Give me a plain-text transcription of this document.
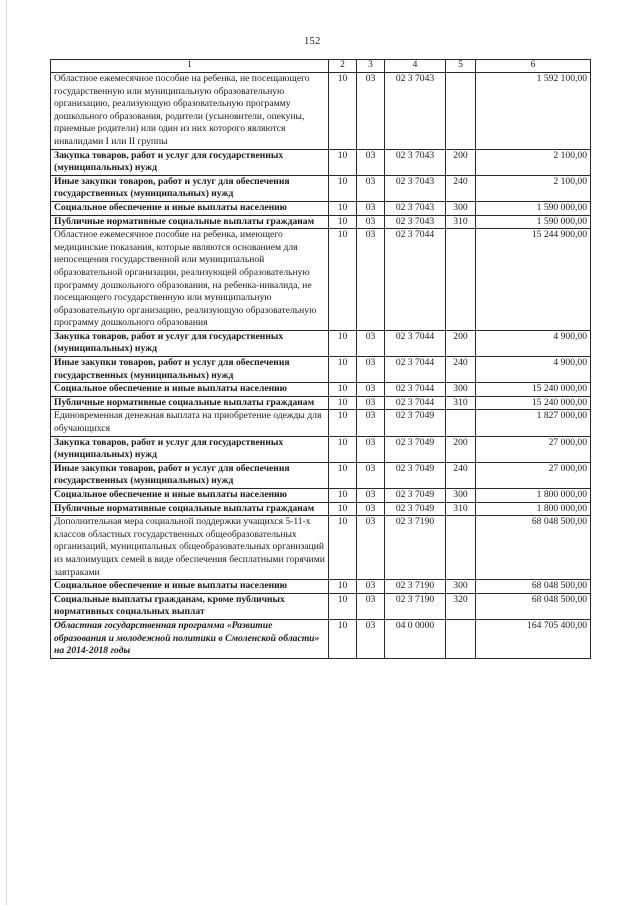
152
1	2	3	4	5	6
Областное ежемесячное пособие на ребенка, не посещающего государственную или муниципальную образовательную организацию, реализующую образовательную программу дошкольного образования, родители (усыновители, опекуны, приемные родители) или один из них которого являются инвалидами I или II группы	10	03	02 3 7043		1 592 100,00
Закупка товаров, работ и услуг для государственных (муниципальных) нужд	10	03	02 3 7043	200	2 100,00
Иные закупки товаров, работ и услуг для обеспечения государственных (муниципальных) нужд	10	03	02 3 7043	240	2 100,00
Социальное обеспечение и иные выплаты населению	10	03	02 3 7043	300	1 590 000,00
Публичные нормативные социальные выплаты гражданам	10	03	02 3 7043	310	1 590 000,00
Областное ежемесячное пособие на ребенка, имеющего медицинские показания, которые являются основанием для непосещения государственной или муниципальной образовательной организации, реализующей образовательную программу дошкольного образования, на ребенка-инвалида, не посещающего государственную или муниципальную образовательную организацию, реализующую образовательную программу дошкольного образования	10	03	02 3 7044		15 244 900,00
Закупка товаров, работ и услуг для государственных (муниципальных) нужд	10	03	02 3 7044	200	4 900,00
Иные закупки товаров, работ и услуг для обеспечения государственных (муниципальных) нужд	10	03	02 3 7044	240	4 900,00
Социальное обеспечение и иные выплаты населению	10	03	02 3 7044	300	15 240 000,00
Публичные нормативные социальные выплаты гражданам	10	03	02 3 7044	310	15 240 000,00
Единовременная денежная выплата на приобретение одежды для обучающихся	10	03	02 3 7049		1 827 000,00
Закупка товаров, работ и услуг для государственных (муниципальных) нужд	10	03	02 3 7049	200	27 000,00
Иные закупки товаров, работ и услуг для обеспечения государственных (муниципальных) нужд	10	03	02 3 7049	240	27 000,00
Социальное обеспечение и иные выплаты населению	10	03	02 3 7049	300	1 800 000,00
Публичные нормативные социальные выплаты гражданам	10	03	02 3 7049	310	1 800 000,00
Дополнительная мера социальной поддержки учащихся 5-11-х классов областных государственных общеобразовательных организаций, муниципальных общеобразовательных организаций из малоимущих семей в виде обеспечения бесплатными горячими завтраками	10	03	02 3 7190		68 048 500,00
Социальное обеспечение и иные выплаты населению	10	03	02 3 7190	300	68 048 500,00
Социальные выплаты гражданам, кроме публичных нормативных социальных выплат	10	03	02 3 7190	320	68 048 500,00
Областная государственная программа «Развитие образования и молодежной политики в Смоленской области» на 2014-2018 годы	10	03	04 0 0000		164 705 400,00
